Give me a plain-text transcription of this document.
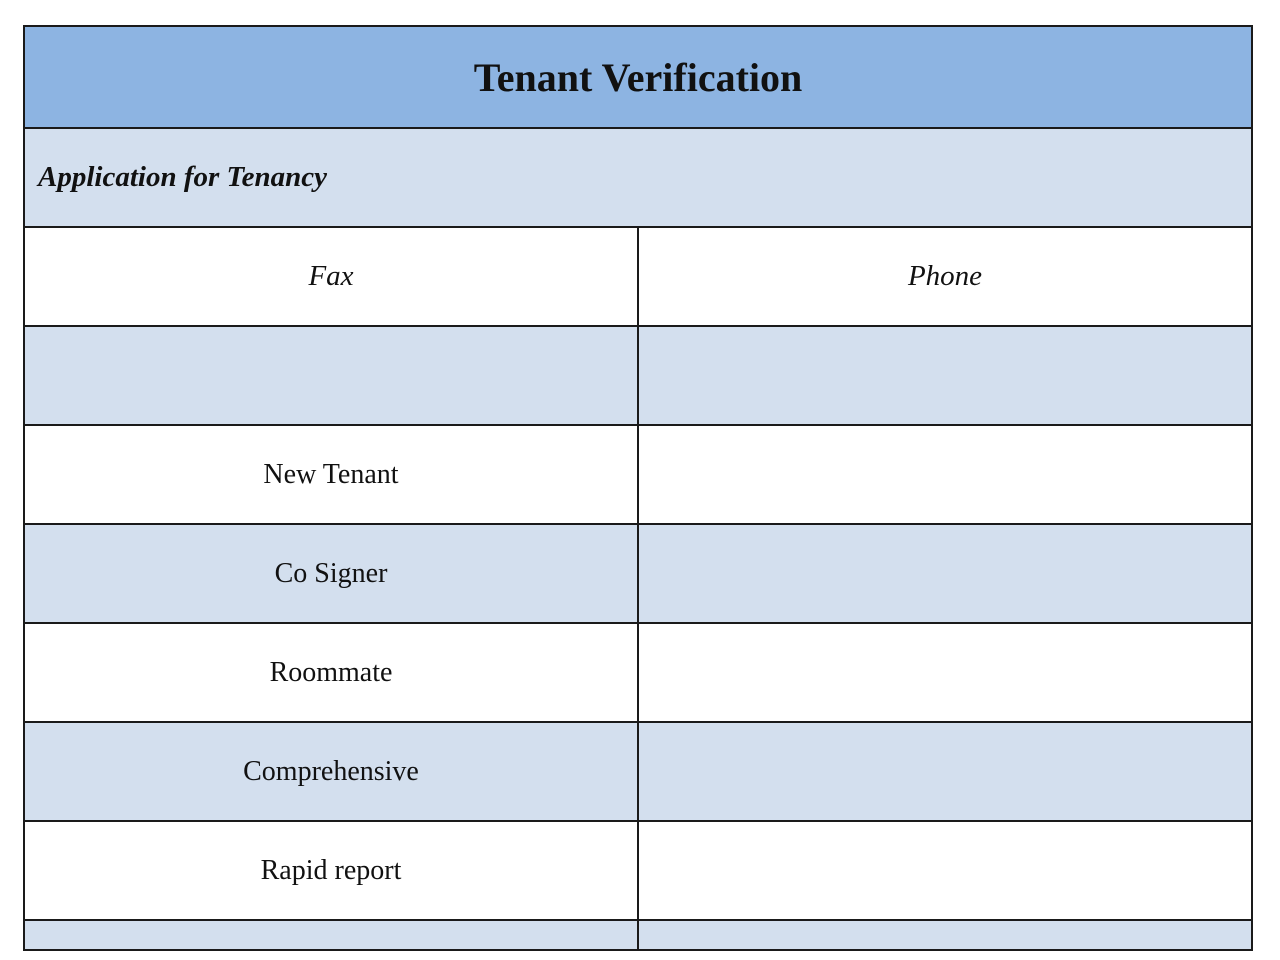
Tenant Verification	
Application for Tenancy	
Fax	Phone

New Tenant	
Co Signer	
Roommate	
Comprehensive	
Rapid report	
